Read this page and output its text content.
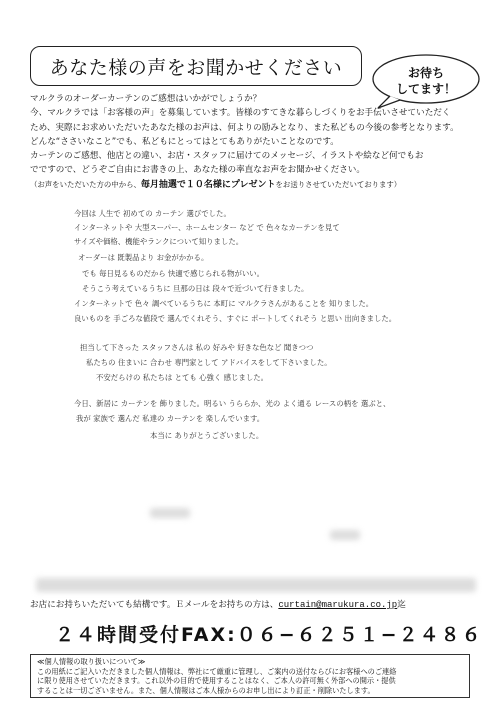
あなた様の声をお聞かせください	お待ち
してます！
マルクラのオーダーカーテンのご感想はいかがでしょうか？
今、マルクラでは「お客様の声」を募集しています。皆様のすてきな暮らしづくりをお手伝いさせていただく
ため、実際にお求めいただいたあなた様のお声は、何よりの励みとなり、また私どもの今後の参考となります。
どんな“ささいなこと”でも、私どもにとってはとてもありがたいことなのです。
カーテンのご感想、他店との違い、お店・スタッフに届けてのメッセージ、イラストや絵など何でもお
でですので、どうぞご自由にお書きの上、あなた様の率直なお声をお聞かせください。
（お声をいただいた方の中から、毎月抽選で１０名様にプレゼントをお送りさせていただいております）
今回は 人生で 初めての カーテン 選びでした。
インターネットや 大型スーパー、ホームセンター など で 色々なカーテンを見て
サイズや価格、機能やランクについて知りました。
オーダーは 既製品より お金がかかる。
でも 毎日見るものだから 快適で感じられる物がいい。
そうこう考えているうちに 旦那の日は 段々で近づいて行きました。
インターネットで 色々 調べているうちに 本町に マルクラさんがあることを 知りました。
良いものを 手ごろな値段で 選んでくれそう、すぐに ポートしてくれそう と思い 出向きました。
担当して下さった スタッフさんは 私の 好みや 好きな色など 聞きつつ
私たちの 住まいに 合わせ 専門家として アドバイスをして下さいました。
不安だらけの 私たちは とても 心強く 感じました。
今日、新居に カーテンを 飾りました。明るい うららか、光の よく通る レースの柄を 選ぶと、
我が 家族で 選んだ 私達の カーテンを 楽しんでいます。
本当に ありがとうございました。
お店にお持ちいただいても結構です。Ｅメールをお持ちの方は、curtain@marukura.co.jp迄
２４時間受付FAX:０６−６２５１−２４８６
≪個人情報の取り扱いについて≫
この用紙にご記入いただきました個人情報は、弊社にて厳重に管理し、ご案内の送付ならびにお客様へのご連絡
に限り使用させていただきます。これ以外の目的で使用することはなく、ご本人の許可無く外部への開示・提供
することは一切ございません。また、個人情報はご本人様からのお申し出により訂正・削除いたします。
